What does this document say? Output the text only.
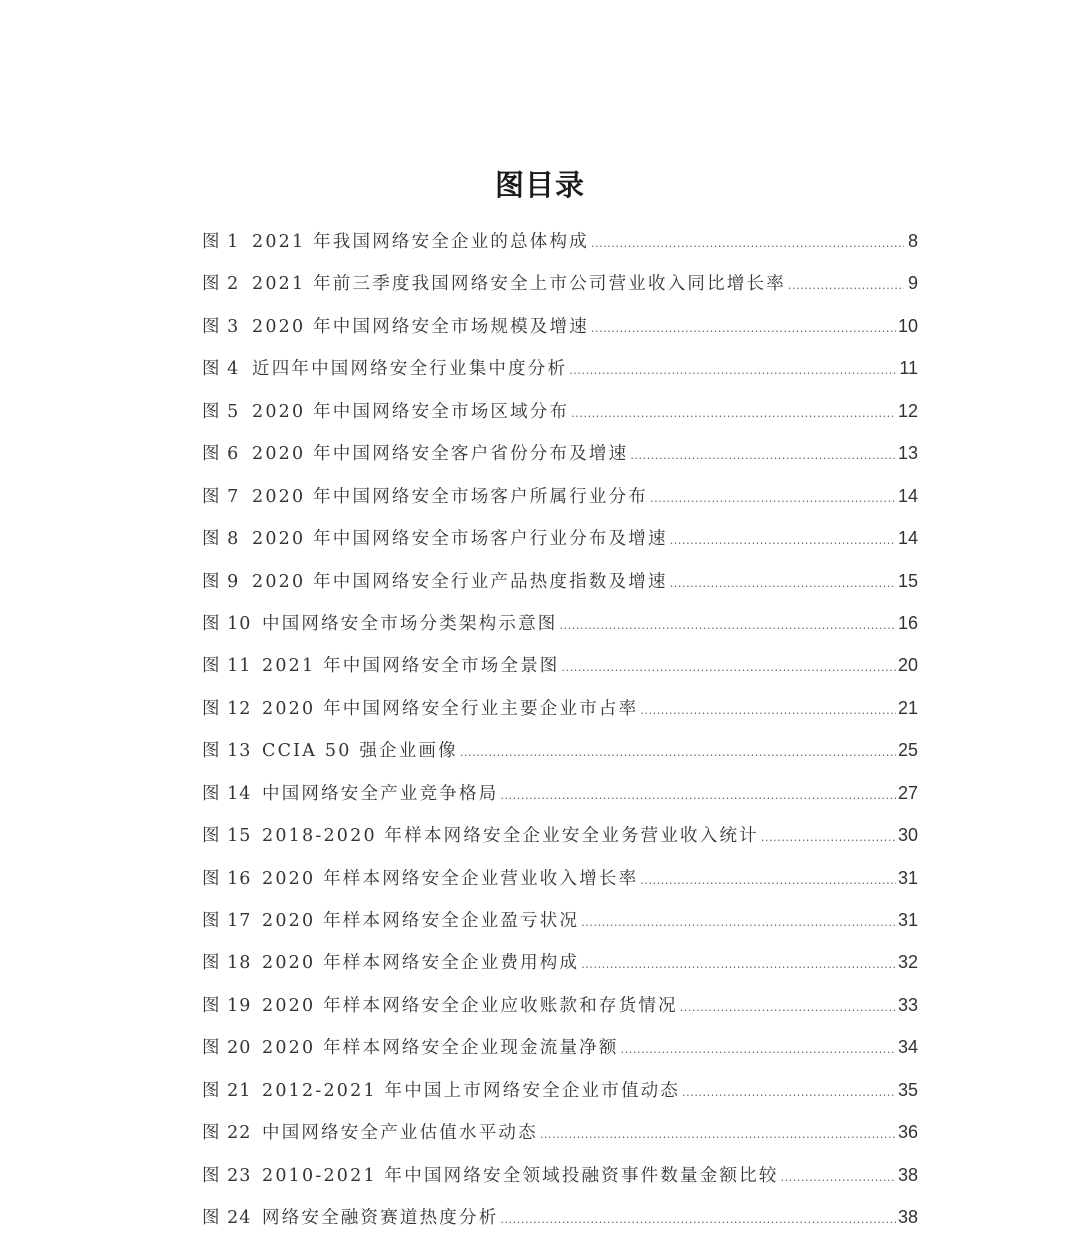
图目录
图 1 2021 年我国网络安全企业的总体构成 .....	8
图 2 2021 年前三季度我国网络安全上市公司营业收入同比增长率 .....	9
图 3 2020 年中国网络安全市场规模及增速 .....	10
图 4 近四年中国网络安全行业集中度分析 .....	11
图 5 2020 年中国网络安全市场区域分布 .....	12
图 6 2020 年中国网络安全客户省份分布及增速 .....	13
图 7 2020 年中国网络安全市场客户所属行业分布 .....	14
图 8 2020 年中国网络安全市场客户行业分布及增速 .....	14
图 9 2020 年中国网络安全行业产品热度指数及增速 .....	15
图 10 中国网络安全市场分类架构示意图 .....	16
图 11 2021 年中国网络安全市场全景图 .....	20
图 12 2020 年中国网络安全行业主要企业市占率 .....	21
图 13 CCIA 50 强企业画像 .....	25
图 14 中国网络安全产业竞争格局 .....	27
图 15 2018-2020 年样本网络安全企业安全业务营业收入统计 .....	30
图 16 2020 年样本网络安全企业营业收入增长率 .....	31
图 17 2020 年样本网络安全企业盈亏状况 .....	31
图 18 2020 年样本网络安全企业费用构成 .....	32
图 19 2020 年样本网络安全企业应收账款和存货情况 .....	33
图 20 2020 年样本网络安全企业现金流量净额 .....	34
图 21 2012-2021 年中国上市网络安全企业市值动态 .....	35
图 22 中国网络安全产业估值水平动态 .....	36
图 23 2010-2021 年中国网络安全领域投融资事件数量金额比较 .....	38
图 24 网络安全融资赛道热度分析 .....	38
